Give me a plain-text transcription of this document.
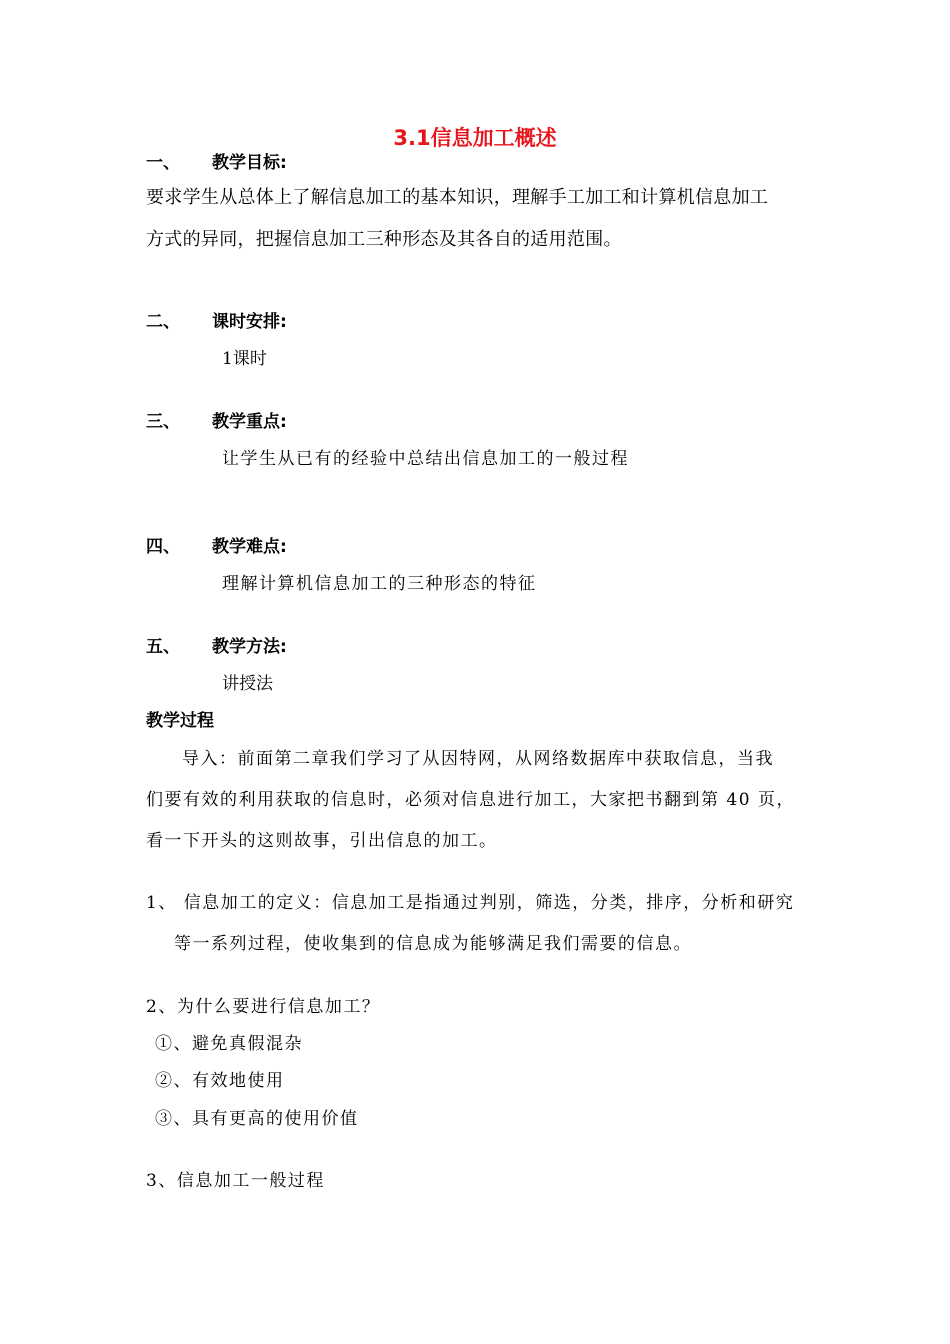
3.1信息加工概述
一、 教学目标:
要求学生从总体上了解信息加工的基本知识，理解手工加工和计算机信息加工
方式的异同，把握信息加工三种形态及其各自的适用范围。
二、 课时安排:
1课时
三、 教学重点:
让学生从已有的经验中总结出信息加工的一般过程
四、 教学难点:
理解计算机信息加工的三种形态的特征
五、 教学方法:
讲授法
教学过程
导入：前面第二章我们学习了从因特网，从网络数据库中获取信息，当我
们要有效的利用获取的信息时，必须对信息进行加工，大家把书翻到第 40 页，
看一下开头的这则故事，引出信息的加工。
1、 信息加工的定义：信息加工是指通过判别，筛选，分类，排序，分析和研究
等一系列过程，使收集到的信息成为能够满足我们需要的信息。
2、为什么要进行信息加工？
①、避免真假混杂
②、有效地使用
③、具有更高的使用价值
3、信息加工一般过程
